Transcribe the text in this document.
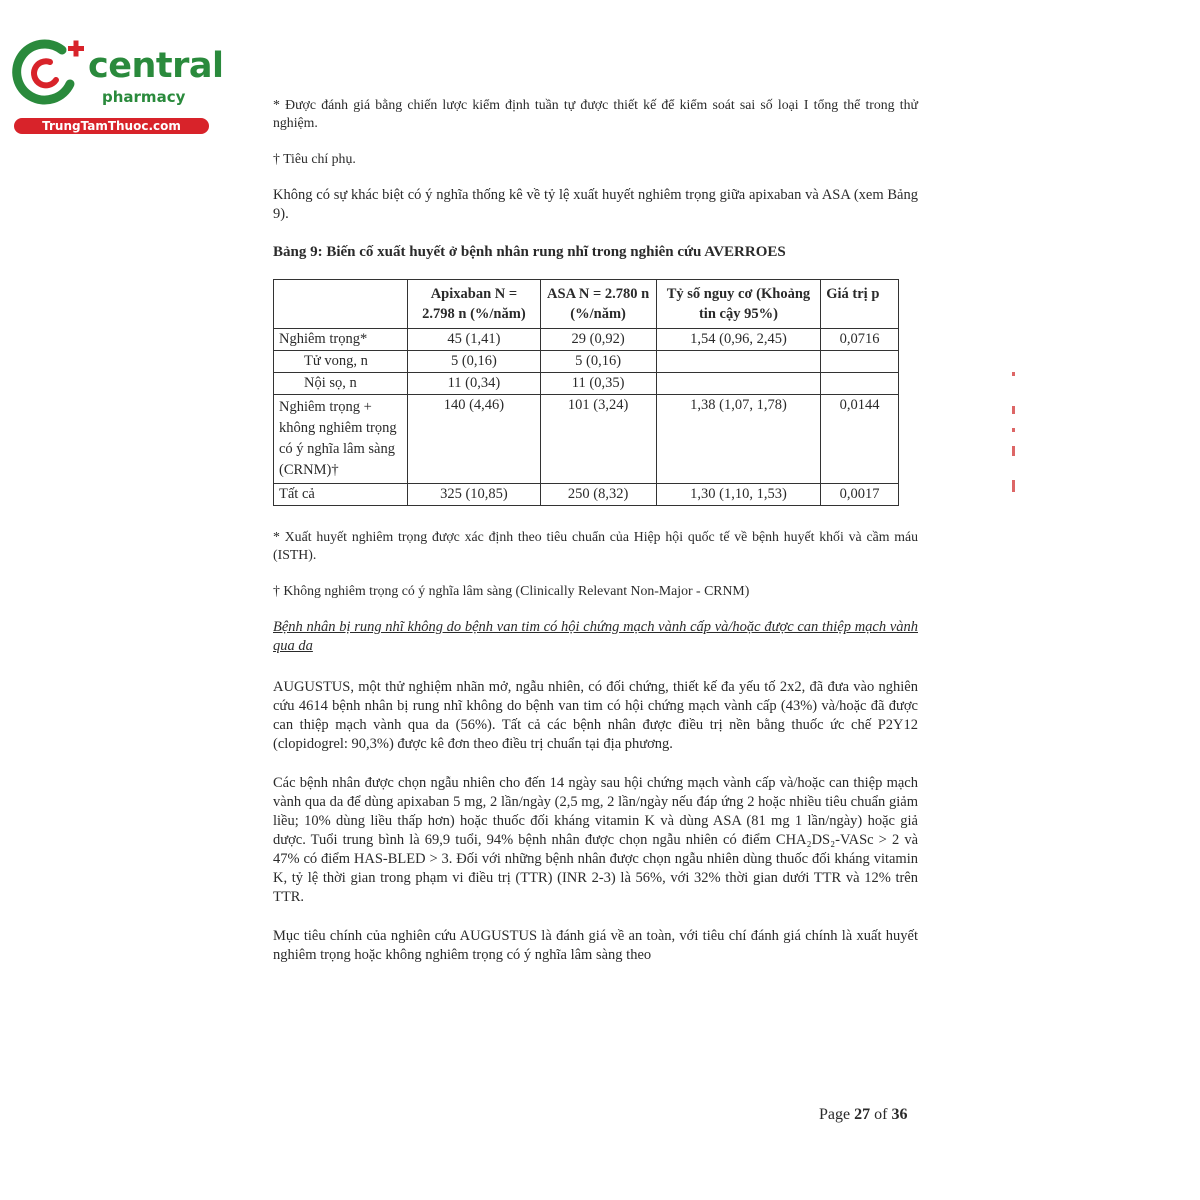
central
pharmacy
TrungTamThuoc.com

* Được đánh giá bằng chiến lược kiểm định tuần tự được thiết kế để kiểm soát sai số loại I tổng thể trong thử nghiệm.

† Tiêu chí phụ.

Không có sự khác biệt có ý nghĩa thống kê về tỷ lệ xuất huyết nghiêm trọng giữa apixaban và ASA (xem Bảng 9).

Bảng 9: Biến cố xuất huyết ở bệnh nhân rung nhĩ trong nghiên cứu AVERROES

	Apixaban N = 2.798 n (%/năm)	ASA N = 2.780 n (%/năm)	Tỷ số nguy cơ (Khoảng tin cậy 95%)	Giá trị p
Nghiêm trọng*	45 (1,41)	29 (0,92)	1,54 (0,96, 2,45)	0,0716
Tử vong, n	5 (0,16)	5 (0,16)		
Nội sọ, n	11 (0,34)	11 (0,35)		
Nghiêm trọng + không nghiêm trọng có ý nghĩa lâm sàng (CRNM)†	140 (4,46)	101 (3,24)	1,38 (1,07, 1,78)	0,0144
Tất cả	325 (10,85)	250 (8,32)	1,30 (1,10, 1,53)	0,0017

* Xuất huyết nghiêm trọng được xác định theo tiêu chuẩn của Hiệp hội quốc tế về bệnh huyết khối và cầm máu (ISTH).

† Không nghiêm trọng có ý nghĩa lâm sàng (Clinically Relevant Non-Major - CRNM)

Bệnh nhân bị rung nhĩ không do bệnh van tim có hội chứng mạch vành cấp và/hoặc được can thiệp mạch vành qua da

AUGUSTUS, một thử nghiệm nhãn mở, ngẫu nhiên, có đối chứng, thiết kế đa yếu tố 2x2, đã đưa vào nghiên cứu 4614 bệnh nhân bị rung nhĩ không do bệnh van tim có hội chứng mạch vành cấp (43%) và/hoặc đã được can thiệp mạch vành qua da (56%). Tất cả các bệnh nhân được điều trị nền bằng thuốc ức chế P2Y12 (clopidogrel: 90,3%) được kê đơn theo điều trị chuẩn tại địa phương.

Các bệnh nhân được chọn ngẫu nhiên cho đến 14 ngày sau hội chứng mạch vành cấp và/hoặc can thiệp mạch vành qua da để dùng apixaban 5 mg, 2 lần/ngày (2,5 mg, 2 lần/ngày nếu đáp ứng 2 hoặc nhiều tiêu chuẩn giảm liều; 10% dùng liều thấp hơn) hoặc thuốc đối kháng vitamin K và dùng ASA (81 mg 1 lần/ngày) hoặc giả dược. Tuổi trung bình là 69,9 tuổi, 94% bệnh nhân được chọn ngẫu nhiên có điểm CHA₂DS₂-VASc > 2 và 47% có điểm HAS-BLED > 3. Đối với những bệnh nhân được chọn ngẫu nhiên dùng thuốc đối kháng vitamin K, tỷ lệ thời gian trong phạm vi điều trị (TTR) (INR 2-3) là 56%, với 32% thời gian dưới TTR và 12% trên TTR.

Mục tiêu chính của nghiên cứu AUGUSTUS là đánh giá về an toàn, với tiêu chí đánh giá chính là xuất huyết nghiêm trọng hoặc không nghiêm trọng có ý nghĩa lâm sàng theo

Page 27 of 36
